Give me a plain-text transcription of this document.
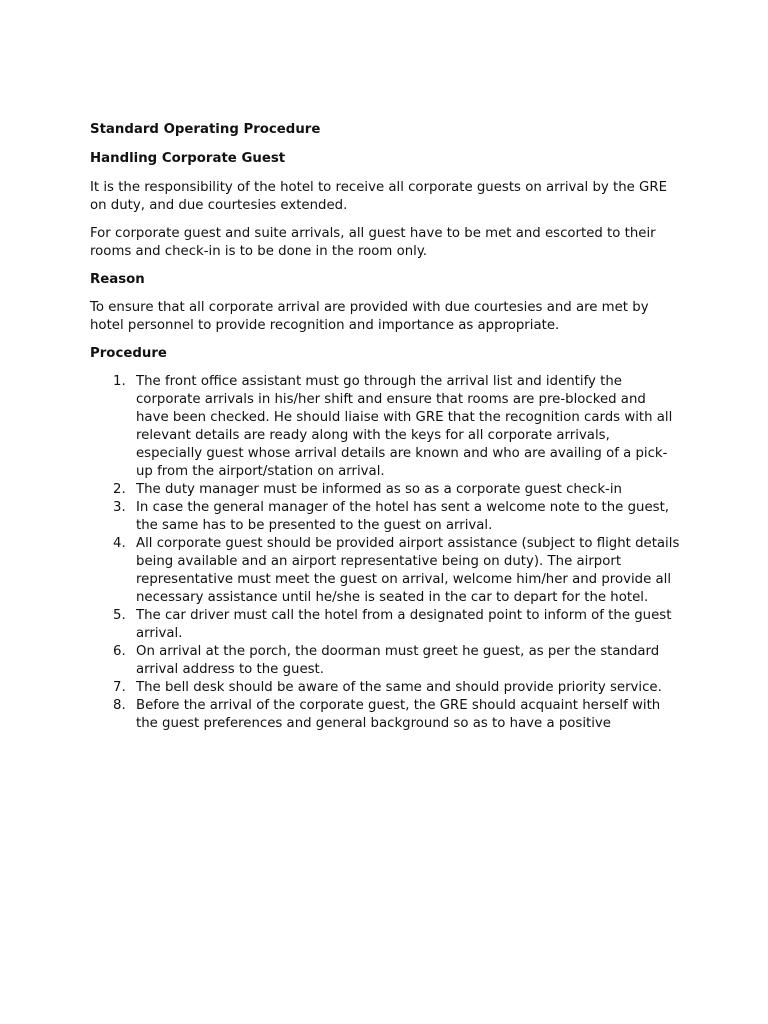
Standard Operating Procedure

Handling Corporate Guest

It is the responsibility of the hotel to receive all corporate guests on arrival by the GRE on duty, and due courtesies extended.

For corporate guest and suite arrivals, all guest have to be met and escorted to their rooms and check-in is to be done in the room only.

Reason

To ensure that all corporate arrival are provided with due courtesies and are met by hotel personnel to provide recognition and importance as appropriate.

Procedure

1. The front office assistant must go through the arrival list and identify the corporate arrivals in his/her shift and ensure that rooms are pre-blocked and have been checked. He should liaise with GRE that the recognition cards with all relevant details are ready along with the keys for all corporate arrivals, especially guest whose arrival details are known and who are availing of a pick-up from the airport/station on arrival.
2. The duty manager must be informed as so as a corporate guest check-in
3. In case the general manager of the hotel has sent a welcome note to the guest, the same has to be presented to the guest on arrival.
4. All corporate guest should be provided airport assistance (subject to flight details being available and an airport representative being on duty). The airport representative must meet the guest on arrival, welcome him/her and provide all necessary assistance until he/she is seated in the car to depart for the hotel.
5. The car driver must call the hotel from a designated point to inform of the guest arrival.
6. On arrival at the porch, the doorman must greet he guest, as per the standard arrival address to the guest.
7. The bell desk should be aware of the same and should provide priority service.
8. Before the arrival of the corporate guest, the GRE should acquaint herself with the guest preferences and general background so as to have a positive
